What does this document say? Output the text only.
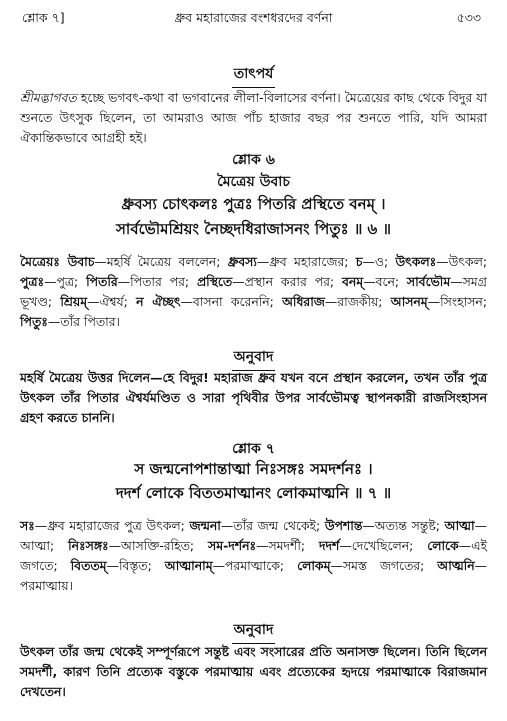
শ্লোক ৭]	ধ্রুব মহারাজের বংশধরদের বর্ণনা	৫৩৩
তাৎপর্য
শ্রীমদ্ভাগবত হচ্ছে ভগবৎ-কথা বা ভগবানের লীলা-বিলাসের বর্ণনা। মৈত্রেয়ের কাছ থেকে বিদুর যা শুনতে উৎসুক ছিলেন, তা আমরাও আজ পাঁচ হাজার বছর পর শুনতে পারি, যদি আমরা ঐকান্তিকভাবে আগ্রহী হই।
শ্লোক ৬
মৈত্রেয় উবাচ
ধ্রুবস্য চোৎকলঃ পুত্রঃ পিতরি প্রস্থিতে বনম্ ।
সার্বভৌমশ্রিয়ং নৈচ্ছদধিরাজাসনং পিতুঃ ॥ ৬ ॥
মৈত্রেয়ঃ উবাচ—মহর্ষি মৈত্রেয় বললেন; ধ্রুবস্য—ধ্রুব মহারাজের; চ—ও; উৎকলঃ—উৎকল; পুত্রঃ—পুত্র; পিতরি—পিতার পর; প্রস্থিতে—প্রস্থান করার পর; বনম্—বনে; সার্বভৌম—সমগ্র ভূখণ্ড; শ্রিয়ম্—ঐশ্বর্য; ন ঐচ্ছৎ—বাসনা করেননি; অধিরাজ—রাজকীয়; আসনম্—সিংহাসন; পিতুঃ—তাঁর পিতার।
অনুবাদ
মহর্ষি মৈত্রেয় উত্তর দিলেন—হে বিদুর! মহারাজ ধ্রুব যখন বনে প্রস্থান করলেন, তখন তাঁর পুত্র উৎকল তাঁর পিতার ঐশ্বর্যমণ্ডিত ও সারা পৃথিবীর উপর সার্বভৌমত্ব স্থাপনকারী রাজসিংহাসন গ্রহণ করতে চাননি।
শ্লোক ৭
স জন্মনোপশান্তাত্মা নিঃসঙ্গঃ সমদর্শনঃ ।
দদর্শ লোকে বিততমাত্মানং লোকমাত্মনি ॥ ৭ ॥
সঃ—ধ্রুব মহারাজের পুত্র উৎকল; জন্মনা—তাঁর জন্ম থেকেই; উপশান্ত—অত্যন্ত সন্তুষ্ট; আত্মা—আত্মা; নিঃসঙ্গঃ—আসক্তি-রহিত; সম-দর্শনঃ—সমদর্শী; দদর্শ—দেখেছিলেন; লোকে—এই জগতে; বিততম্—বিস্তৃত; আত্মানাম্—পরমাত্মাকে; লোকম্—সমস্ত জগতের; আত্মনি—পরমাত্মায়।
অনুবাদ
উৎকল তাঁর জন্ম থেকেই সম্পূর্ণরূপে সন্তুষ্ট এবং সংসারের প্রতি অনাসক্ত ছিলেন। তিনি ছিলেন সমদর্শী, কারণ তিনি প্রত্যেক বস্তুকে পরমাত্মায় এবং প্রত্যেকের হৃদয়ে পরমাত্মাকে বিরাজমান দেখতেন।
